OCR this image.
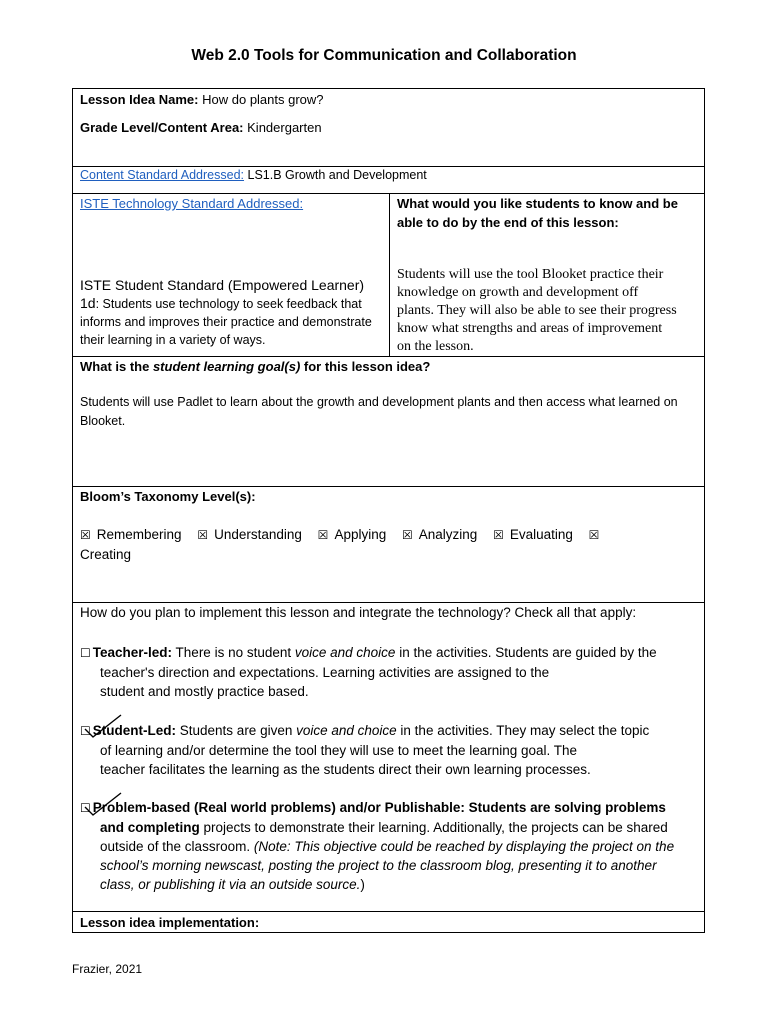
Web 2.0 Tools for Communication and Collaboration
Lesson Idea Name: How do plants grow?
Grade Level/Content Area: Kindergarten
Content Standard Addressed: LS1.B Growth and Development
ISTE Technology Standard Addressed:
ISTE Student Standard (Empowered Learner)
1d: Students use technology to seek feedback that
informs and improves their practice and demonstrate
their learning in a variety of ways.
What would you like students to know and be
able to do by the end of this lesson:
Students will use the tool Blooket practice their
knowledge on growth and development off
plants. They will also be able to see their progress
know what strengths and areas of improvement
on the lesson.
What is the student learning goal(s) for this lesson idea?
Students will use Padlet to learn about the growth and development plants and then access what learned on
Blooket.
Bloom’s Taxonomy Level(s):
☒ Remembering ☒ Understanding ☒ Applying ☒ Analyzing ☒ Evaluating ☒
Creating
How do you plan to implement this lesson and integrate the technology? Check all that apply:
☐ Teacher-led: There is no student voice and choice in the activities. Students are guided by the
teacher's direction and expectations. Learning activities are assigned to the
student and mostly practice based.
☐ Student-Led: Students are given voice and choice in the activities. They may select the topic
of learning and/or determine the tool they will use to meet the learning goal. The
teacher facilitates the learning as the students direct their own learning processes.
☐ Problem-based (Real world problems) and/or Publishable: Students are solving problems
and completing projects to demonstrate their learning. Additionally, the projects can be shared
outside of the classroom. (Note: This objective could be reached by displaying the project on the
school’s morning newscast, posting the project to the classroom blog, presenting it to another
class, or publishing it via an outside source.)
Lesson idea implementation:
Frazier, 2021
